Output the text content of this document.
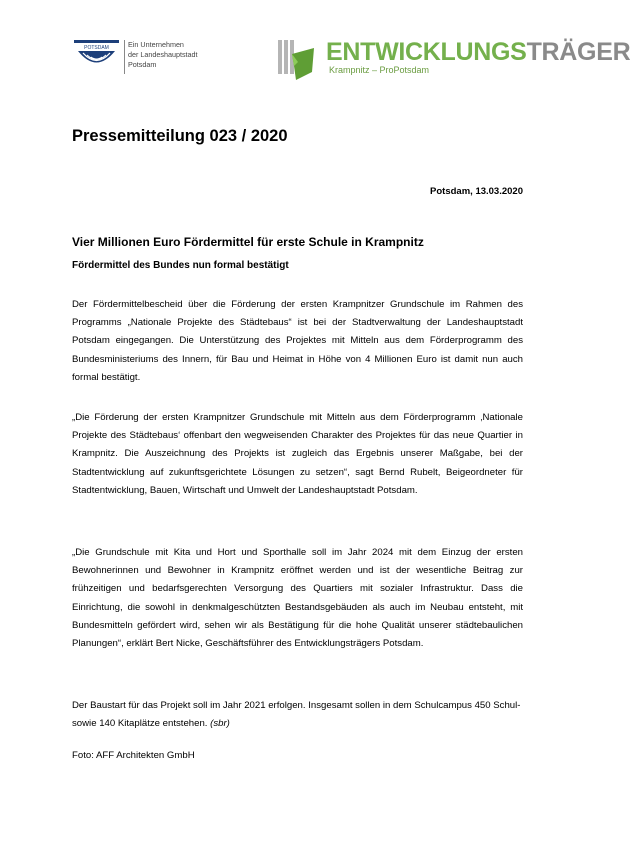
POTSDAM	Ein Unternehmen
der Landeshauptstadt
Potsdam	ENTWICKLUNGSTRÄGER
Krampnitz – ProPotsdam
Pressemitteilung 023 / 2020
Potsdam, 13.03.2020
Vier Millionen Euro Fördermittel für erste Schule in Krampnitz
Fördermittel des Bundes nun formal bestätigt
Der Fördermittelbescheid über die Förderung der ersten Krampnitzer Grundschule im Rahmen des Programms „Nationale Projekte des Städtebaus“ ist bei der Stadtverwaltung der Landeshauptstadt Potsdam eingegangen. Die Unterstützung des Projektes mit Mitteln aus dem Förderprogramm des Bundesministeriums des Innern, für Bau und Heimat in Höhe von 4 Millionen Euro ist damit nun auch formal bestätigt.
„Die Förderung der ersten Krampnitzer Grundschule mit Mitteln aus dem Förderprogramm ‚Nationale Projekte des Städtebaus‘ offenbart den wegweisenden Charakter des Projektes für das neue Quartier in Krampnitz. Die Auszeichnung des Projekts ist zugleich das Ergebnis unserer Maßgabe, bei der Stadtentwicklung auf zukunftsgerichtete Lösungen zu setzen“, sagt Bernd Rubelt, Beigeordneter für Stadtentwicklung, Bauen, Wirtschaft und Umwelt der Landeshauptstadt Potsdam.
„Die Grundschule mit Kita und Hort und Sporthalle soll im Jahr 2024 mit dem Einzug der ersten Bewohnerinnen und Bewohner in Krampnitz eröffnet werden und ist der wesentliche Beitrag zur frühzeitigen und bedarfsgerechten Versorgung des Quartiers mit sozialer Infrastruktur. Dass die Einrichtung, die sowohl in denkmalgeschützten Bestandsgebäuden als auch im Neubau entsteht, mit Bundesmitteln gefördert wird, sehen wir als Bestätigung für die hohe Qualität unserer städtebaulichen Planungen“, erklärt Bert Nicke, Geschäftsführer des Entwicklungsträgers Potsdam.
Der Baustart für das Projekt soll im Jahr 2021 erfolgen. Insgesamt sollen in dem Schulcampus 450 Schul- sowie 140 Kitaplätze entstehen. (sbr)
Foto: AFF Architekten GmbH
